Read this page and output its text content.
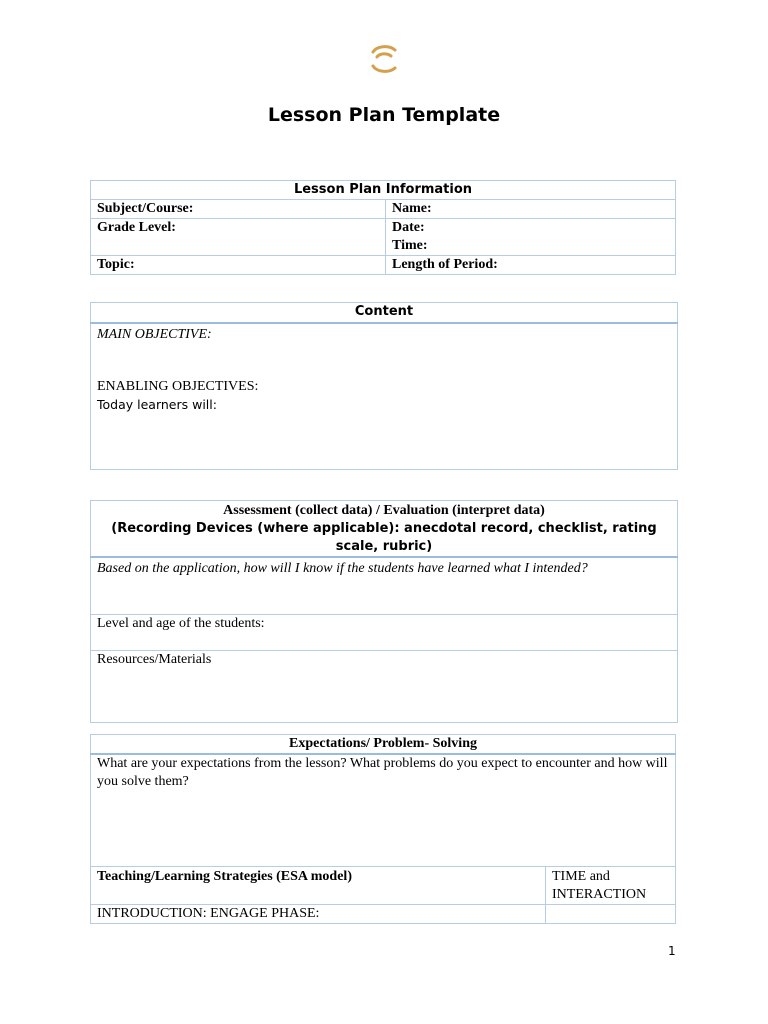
Lesson Plan Template
Lesson Plan Information	
Subject/Course:	Name:
Grade Level:	Date:
Time:

Topic:	Length of Period:
Content

MAIN OBJECTIVE:
ENABLING OBJECTIVES:
Today learners will:
Assessment (collect data) / Evaluation (interpret data)
(Recording Devices (where applicable): anecdotal record, checklist, rating scale, rubric)

Based on the application, how will I know if the students have learned what I intended?
Level and age of the students:
Resources/Materials
Expectations/ Problem- Solving	
What are your expectations from the lesson? What problems do you expect to encounter and how will you solve them?	
Teaching/Learning Strategies (ESA model)	TIME and INTERACTION
INTRODUCTION: ENGAGE PHASE:	
1
